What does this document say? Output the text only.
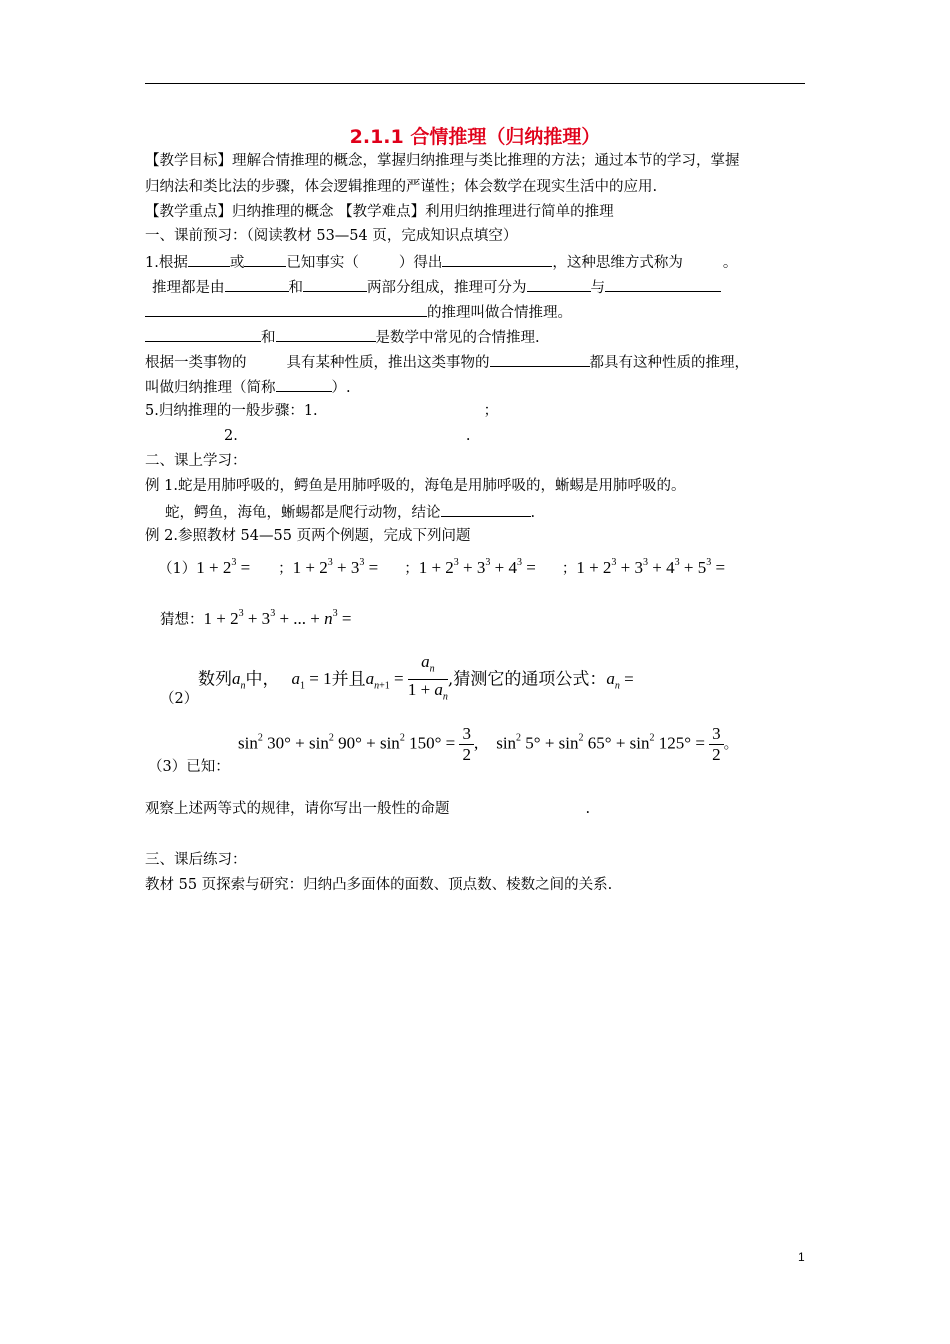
2.1.1 合情推理（归纳推理）
【教学目标】理解合情推理的概念，掌握归纳推理与类比推理的方法；通过本节的学习，掌握
归纳法和类比法的步骤，体会逻辑推理的严谨性；体会数学在现实生活中的应用.
【教学重点】归纳推理的概念 【教学难点】利用归纳推理进行简单的推理
一、课前预习：（阅读教材 53—54 页，完成知识点填空）
1.根据	或	已知事实（	）得出	，这种思维方式称为	。
推理都是由	和	两部分组成，推理可分为	与
的推理叫做合情推理。
和	是数学中常见的合情推理.
根据一类事物的	具有某种性质，推出这类事物的	都具有这种性质的推理，
叫做归纳推理（简称	）.
5.归纳推理的一般步骤：1.	；
2.	.
二、课上学习：
例 1.蛇是用肺呼吸的，鳄鱼是用肺呼吸的，海龟是用肺呼吸的，蜥蜴是用肺呼吸的。
蛇，鳄鱼，海龟，蜥蜴都是爬行动物，结论	.
例 2.参照教材 54—55 页两个例题，完成下列问题
$(1)1 + 2^3$ = ；$1 + 2^3 + 3^3$ = ；$1 + 2^3 + 3^3 + 4^3$ = ；$1 + 2^3 + 3^3 + 4^3 + 5^3$ =
猜想：$1 + 2^3 + 3^3$ + ... + $n^3$ =
（2）
数列$a_n$中， $a_1 = 1$并且$a_{n+1} = \frac{a_n}{1 + a_n}$ ,猜测它的通项公式：$a_n$ =
（3）已知：
$\sin^2 30^\circ + \sin^2 90^\circ + \sin^2 150^\circ = \frac{3}{2}$ , $\sin^2 5^\circ + \sin^2 65^\circ + \sin^2 125^\circ = \frac{3}{2}$ 。
观察上述两等式的规律，请你写出一般性的命题	.
三、课后练习：
教材 55 页探索与研究：归纳凸多面体的面数、顶点数、棱数之间的关系.
1
